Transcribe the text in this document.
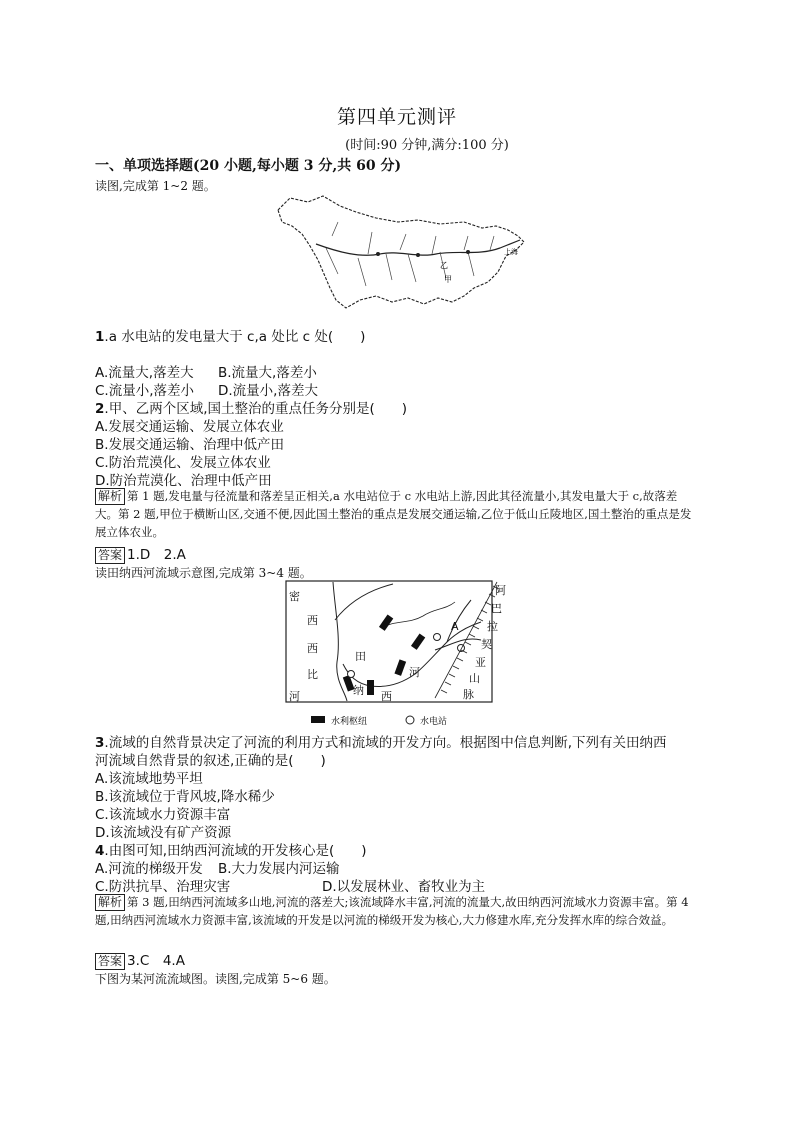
第四单元测评
(时间:90 分钟,满分:100 分)
一、单项选择题(20 小题,每小题 3 分,共 60 分)
读图,完成第 1~2 题。
乙
甲
上海
1.a 水电站的发电量大于 c,a 处比 c 处(　　)
A.流量大,落差大 B.流量大,落差小
C.流量小,落差小 D.流量小,落差大
2.甲、乙两个区域,国土整治的重点任务分别是(　　)
A.发展交通运输、发展立体农业
B.发展交通运输、治理中低产田
C.防治荒漠化、发展立体农业
D.防治荒漠化、治理中低产田
解析 第 1 题,发电量与径流量和落差呈正相关,a 水电站位于 c 水电站上游,因此其径流量小,其发电量大于 c,故落差大。第 2 题,甲位于横断山区,交通不便,因此国土整治的重点是发展交通运输,乙位于低山丘陵地区,国土整治的重点是发展立体农业。
答案 1.D　2.A
读田纳西河流域示意图,完成第 3~4 题。
密
西
西
比
河
田
纳 西
河
A
阿
巴
拉
契
亚
山
脉
水利枢纽	水电站
3.流域的自然背景决定了河流的利用方式和流域的开发方向。根据图中信息判断,下列有关田纳西
河流域自然背景的叙述,正确的是(　　)
A.该流域地势平坦
B.该流域位于背风坡,降水稀少
C.该流域水力资源丰富
D.该流域没有矿产资源
4.由图可知,田纳西河流域的开发核心是(　　)
A.河流的梯级开发 B.大力发展内河运输
C.防洪抗旱、治理灾害	D.以发展林业、畜牧业为主
解析 第 3 题,田纳西河流域多山地,河流的落差大;该流域降水丰富,河流的流量大,故田纳西河流域水力资源丰富。第 4 题,田纳西河流域水力资源丰富,该流域的开发是以河流的梯级开发为核心,大力修建水库,充分发挥水库的综合效益。
答案 3.C　4.A
下图为某河流流域图。读图,完成第 5~6 题。
